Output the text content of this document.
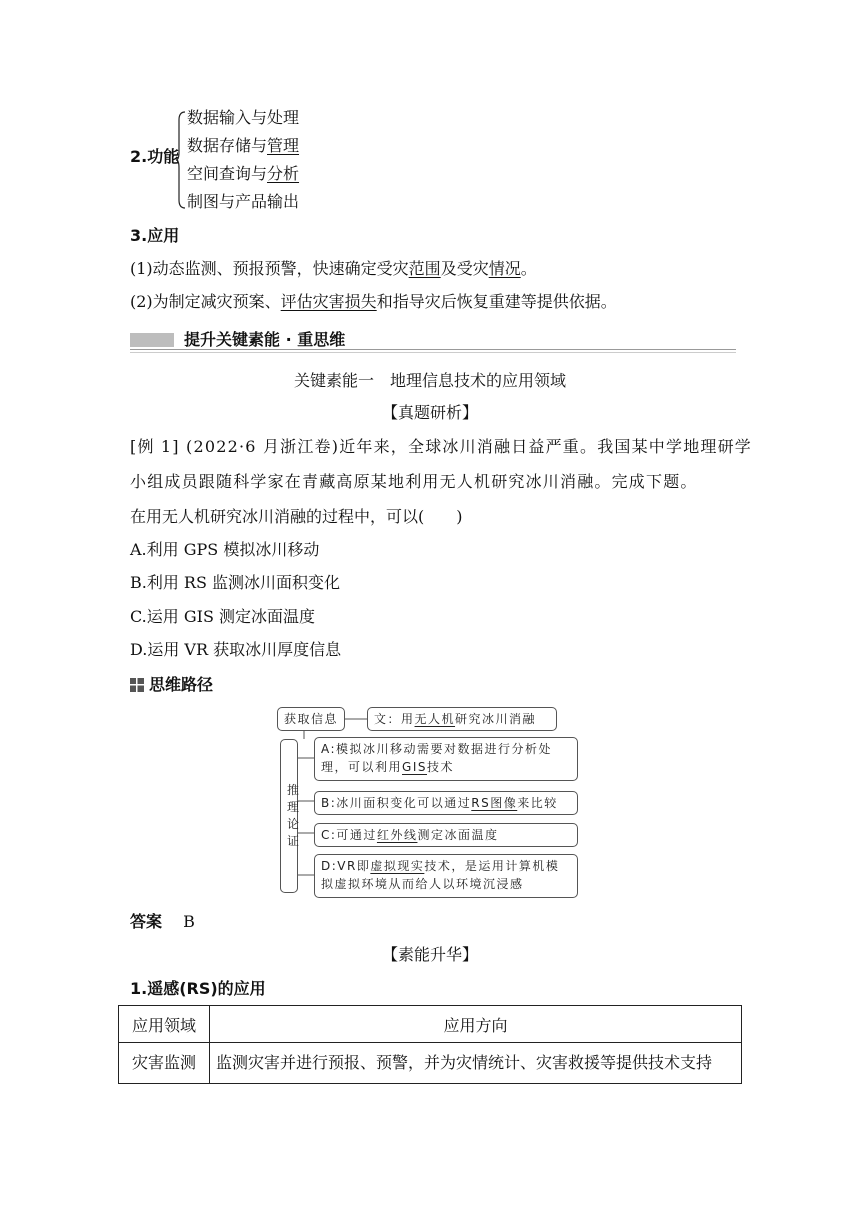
2.功能
数据输入与处理
数据存储与管理
空间查询与分析
制图与产品输出
3.应用
(1)动态监测、预报预警，快速确定受灾范围及受灾情况。
(2)为制定减灾预案、评估灾害损失和指导灾后恢复重建等提供依据。
提升关键素能 · 重思维
关键素能一　地理信息技术的应用领域
【真题研析】
[例 1] (2022·6 月浙江卷)近年来，全球冰川消融日益严重。我国某中学地理研学
小组成员跟随科学家在青藏高原某地利用无人机研究冰川消融。完成下题。
在用无人机研究冰川消融的过程中，可以(　　)
A.利用 GPS 模拟冰川移动
B.利用 RS 监测冰川面积变化
C.运用 GIS 测定冰面温度
D.运用 VR 获取冰川厚度信息
思维路径
获取信息	文：用无人机研究冰川消融
推理论证
A:模拟冰川移动需要对数据进行分析处
理，可以利用GIS技术
B:冰川面积变化可以通过RS图像来比较
C:可通过红外线测定冰面温度
D:VR即虚拟现实技术，是运用计算机模
拟虚拟环境从而给人以环境沉浸感
答案　 B
【素能升华】
1.遥感(RS)的应用
应用领域	应用方向
灾害监测	监测灾害并进行预报、预警，并为灾情统计、灾害救援等提供技术支持
